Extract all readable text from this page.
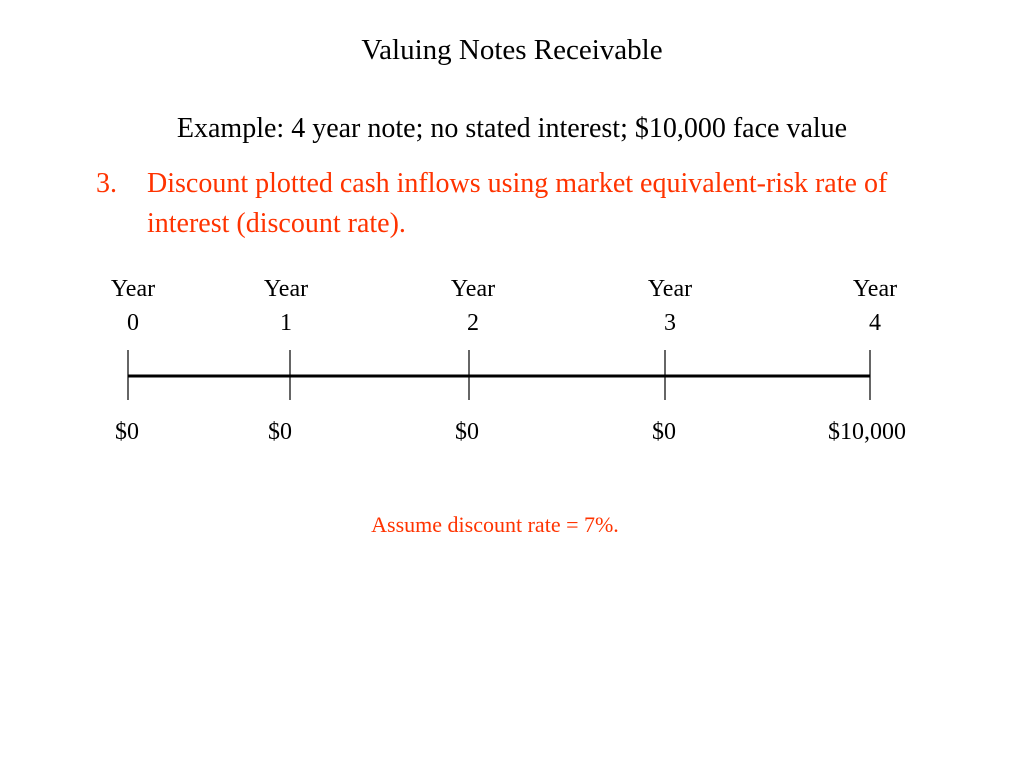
Valuing Notes Receivable
Example: 4 year note; no stated interest; $10,000 face value
3. Discount plotted cash inflows using market equivalent-risk rate of interest (discount rate).
Year
0
Year
1
Year
2
Year
3
Year
4
$0	$0	$0	$0	$10,000
Assume discount rate = 7%.
